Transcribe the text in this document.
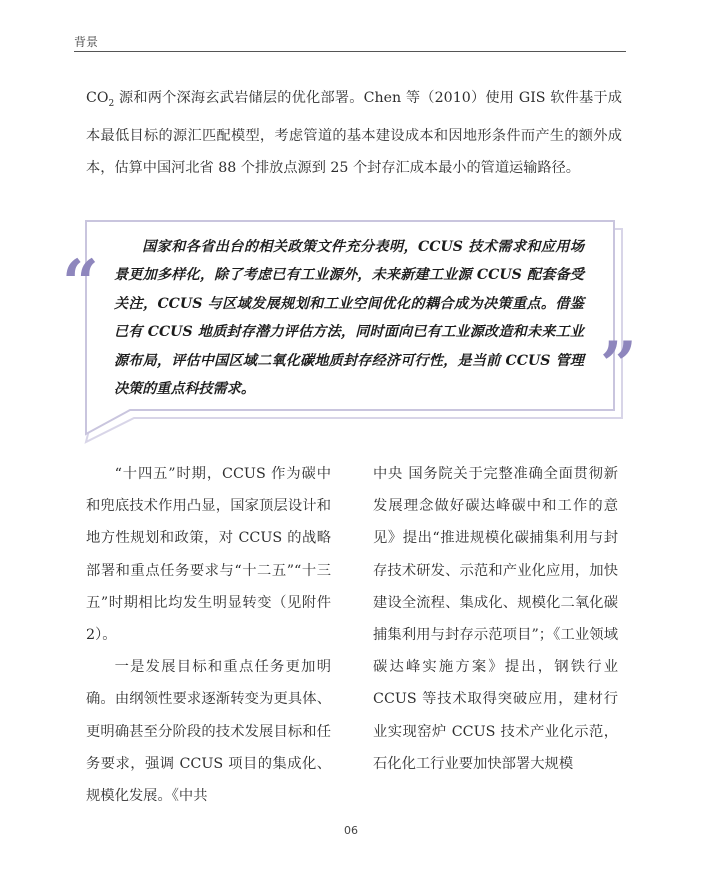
背景
$CO_2$ 源和两个深海玄武岩储层的优化部署。Chen 等（2010）使用 GIS 软件基于成本最低目标的源汇匹配模型，考虑管道的基本建设成本和因地形条件而产生的额外成本，估算中国河北省 88 个排放点源到 25 个封存汇成本最小的管道运输路径。
“
”
国家和各省出台的相关政策文件充分表明，CCUS 技术需求和应用场景更加多样化，除了考虑已有工业源外，未来新建工业源 CCUS 配套备受关注，CCUS 与区域发展规划和工业空间优化的耦合成为决策重点。借鉴已有 CCUS 地质封存潜力评估方法，同时面向已有工业源改造和未来工业源布局，评估中国区域二氧化碳地质封存经济可行性，是当前 CCUS 管理决策的重点科技需求。

“十四五”时期，CCUS 作为碳中和兜底技术作用凸显，国家顶层设计和地方性规划和政策，对 CCUS 的战略部署和重点任务要求与“十二五”“十三五”时期相比均发生明显转变（见附件 2）。

一是发展目标和重点任务更加明确。由纲领性要求逐渐转变为更具体、更明确甚至分阶段的技术发展目标和任务要求，强调 CCUS 项目的集成化、规模化发展。《中共

中央 国务院关于完整准确全面贯彻新发展理念做好碳达峰碳中和工作的意见》提出“推进规模化碳捕集利用与封存技术研发、示范和产业化应用，加快建设全流程、集成化、规模化二氧化碳捕集利用与封存示范项目”；《工业领域碳达峰实施方案》提出，钢铁行业 CCUS 等技术取得突破应用，建材行业实现窑炉 CCUS 技术产业化示范，石化化工行业要加快部署大规模

06
